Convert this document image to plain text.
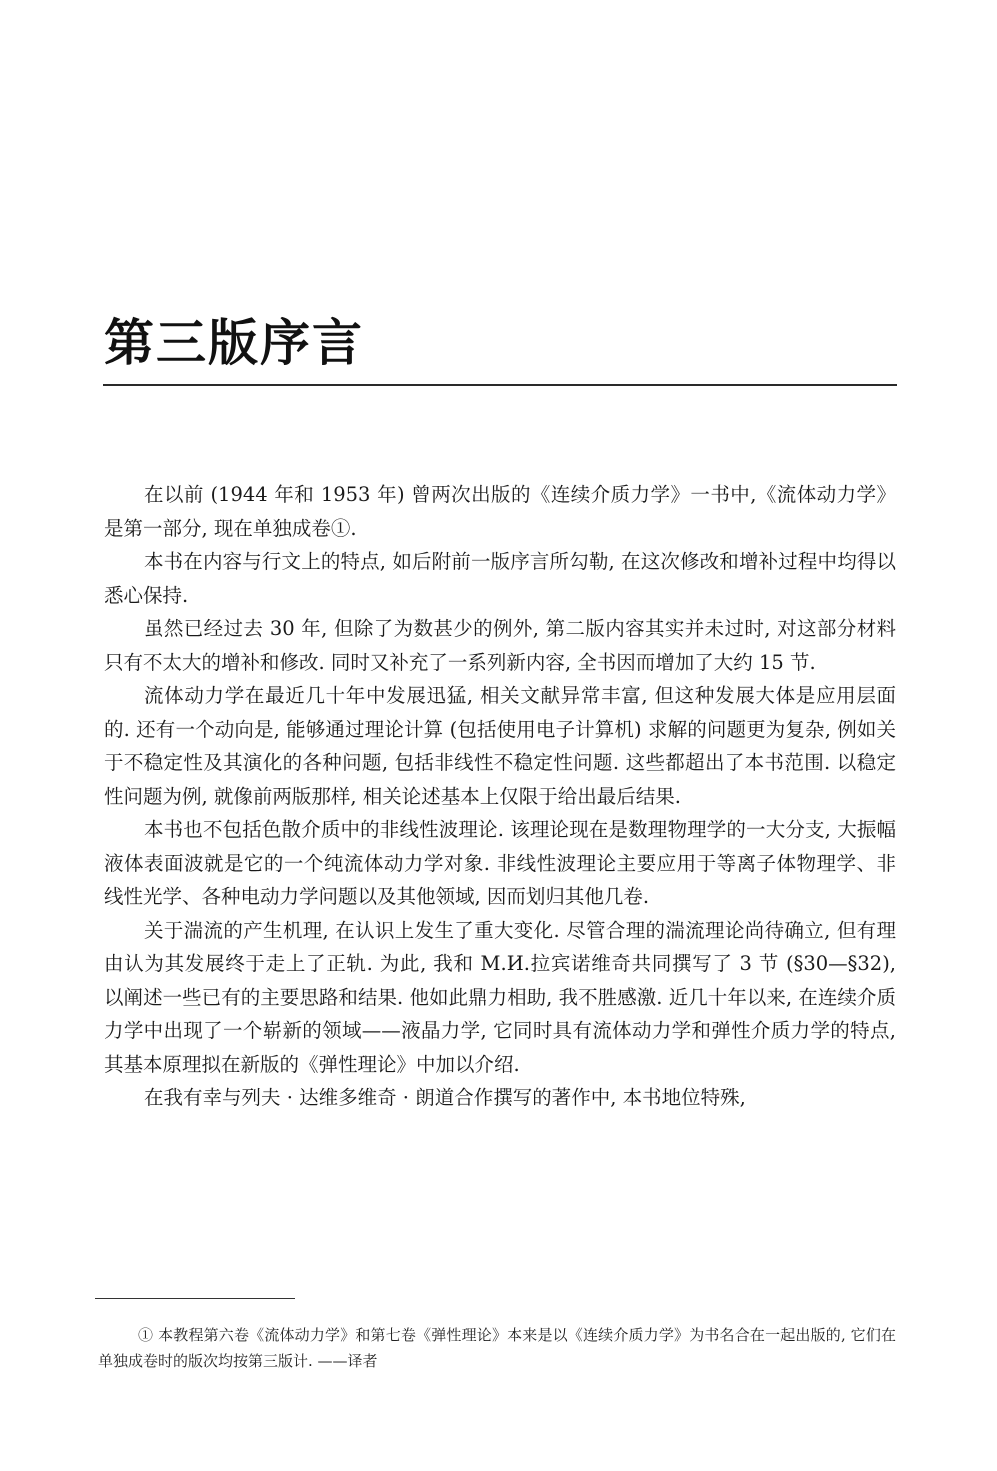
第三版序言

在以前 (1944 年和 1953 年) 曾两次出版的《连续介质力学》一书中,《流体动力学》是第一部分, 现在单独成卷①.

本书在内容与行文上的特点, 如后附前一版序言所勾勒, 在这次修改和增补过程中均得以悉心保持.

虽然已经过去 30 年, 但除了为数甚少的例外, 第二版内容其实并未过时, 对这部分材料只有不太大的增补和修改. 同时又补充了一系列新内容, 全书因而增加了大约 15 节.

流体动力学在最近几十年中发展迅猛, 相关文献异常丰富, 但这种发展大体是应用层面的. 还有一个动向是, 能够通过理论计算 (包括使用电子计算机) 求解的问题更为复杂, 例如关于不稳定性及其演化的各种问题, 包括非线性不稳定性问题. 这些都超出了本书范围. 以稳定性问题为例, 就像前两版那样, 相关论述基本上仅限于给出最后结果.

本书也不包括色散介质中的非线性波理论. 该理论现在是数理物理学的一大分支, 大振幅液体表面波就是它的一个纯流体动力学对象. 非线性波理论主要应用于等离子体物理学、非线性光学、各种电动力学问题以及其他领域, 因而划归其他几卷.

关于湍流的产生机理, 在认识上发生了重大变化. 尽管合理的湍流理论尚待确立, 但有理由认为其发展终于走上了正轨. 为此, 我和 M.И.拉宾诺维奇共同撰写了 3 节 (§30—§32), 以阐述一些已有的主要思路和结果. 他如此鼎力相助, 我不胜感激. 近几十年以来, 在连续介质力学中出现了一个崭新的领域——液晶力学, 它同时具有流体动力学和弹性介质力学的特点, 其基本原理拟在新版的《弹性理论》中加以介绍.

在我有幸与列夫 · 达维多维奇 · 朗道合作撰写的著作中, 本书地位特殊,

① 本教程第六卷《流体动力学》和第七卷《弹性理论》本来是以《连续介质力学》为书名合在一起出版的, 它们在单独成卷时的版次均按第三版计. ——译者
